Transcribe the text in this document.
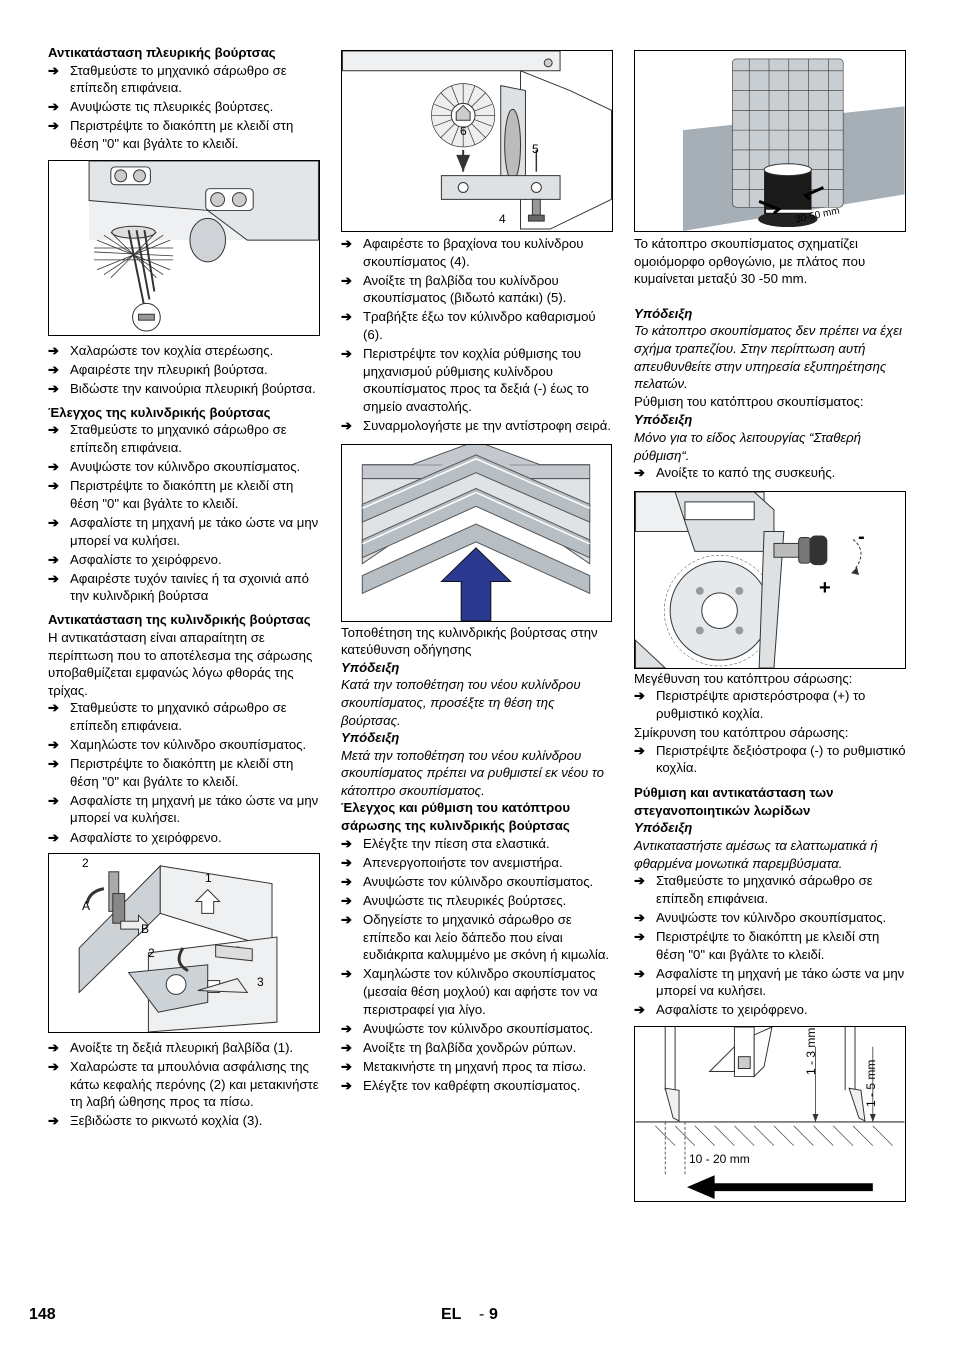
Αντικατάσταση πλευρικής βούρτσας

➔ Σταθμεύστε το μηχανικό σάρωθρο σε επίπεδη επιφάνεια.
➔ Ανυψώστε τις πλευρικές βούρτσες.
➔ Περιστρέψτε το διακόπτη με κλειδί στη θέση "0" και βγάλτε το κλειδί.
➔ Χαλαρώστε τον κοχλία στερέωσης.
➔ Αφαιρέστε την πλευρική βούρτσα.
➔ Βιδώστε την καινούρια πλευρική βούρτσα.

Έλεγχος της κυλινδρικής βούρτσας

➔ Σταθμεύστε το μηχανικό σάρωθρο σε επίπεδη επιφάνεια.
➔ Ανυψώστε τον κύλινδρο σκουπίσματος.
➔ Περιστρέψτε το διακόπτη με κλειδί στη θέση "0" και βγάλτε το κλειδί.
➔ Ασφαλίστε τη μηχανή με τάκο ώστε να μην μπορεί να κυλήσει.
➔ Ασφαλίστε το χειρόφρενο.
➔ Αφαιρέστε τυχόν ταινίες ή τα σχοινιά από την κυλινδρική βούρτσα

Αντικατάσταση της κυλινδρικής βούρτσας

Η αντικατάσταση είναι απαραίτητη σε περίπτωση που το αποτέλεσμα της σάρωσης υποβαθμίζεται εμφανώς λόγω φθοράς της τρίχας.

➔ Σταθμεύστε το μηχανικό σάρωθρο σε επίπεδη επιφάνεια.
➔ Χαμηλώστε τον κύλινδρο σκουπίσματος.
➔ Περιστρέψτε το διακόπτη με κλειδί στη θέση "0" και βγάλτε το κλειδί.
➔ Ασφαλίστε τη μηχανή με τάκο ώστε να μην μπορεί να κυλήσει.
➔ Ασφαλίστε το χειρόφρενο.
2
1
A
B
2
3
➔ Ανοίξτε τη δεξιά πλευρική βαλβίδα (1).
➔ Χαλαρώστε τα μπουλόνια ασφάλισης της κάτω κεφαλής περόνης (2) και μετακινήστε τη λαβή ώθησης προς τα πίσω.
➔ Ξεβιδώστε το ρικνωτό κοχλία (3).
6
5
4
➔ Αφαιρέστε το βραχίονα του κυλίνδρου σκουπίσματος (4).
➔ Ανοίξτε τη βαλβίδα του κυλίνδρου σκουπίσματος (βιδωτό καπάκι) (5).
➔ Τραβήξτε έξω τον κύλινδρο καθαρισμού (6).
➔ Περιστρέψτε τον κοχλία ρύθμισης του μηχανισμού ρύθμισης κυλίνδρου σκουπίσματος προς τα δεξιά (-) έως το σημείο αναστολής.
➔ Συναρμολογήστε με την αντίστροφη σειρά.

Τοποθέτηση της κυλινδρικής βούρτσας στην κατεύθυνση οδήγησης

Υπόδειξη

Κατά την τοποθέτηση του νέου κυλίνδρου σκουπίσματος, προσέξτε τη θέση της βούρτσας.

Υπόδειξη

Μετά την τοποθέτηση του νέου κυλίνδρου σκουπίσματος πρέπει να ρυθμιστεί εκ νέου το κάτοπτρο σκουπίσματος.

Έλεγχος και ρύθμιση του κατόπτρου σάρωσης της κυλινδρικής βούρτσας

➔ Ελέγξτε την πίεση στα ελαστικά.
➔ Απενεργοποιήστε τον ανεμιστήρα.
➔ Ανυψώστε τον κύλινδρο σκουπίσματος.
➔ Ανυψώστε τις πλευρικές βούρτσες.
➔ Οδηγείστε το μηχανικό σάρωθρο σε επίπεδο και λείο δάπεδο που είναι ευδιάκριτα καλυμμένο με σκόνη ή κιμωλία.
➔ Χαμηλώστε τον κύλινδρο σκουπίσματος (μεσαία θέση μοχλού) και αφήστε τον να περιστραφεί για λίγο.
➔ Ανυψώστε τον κύλινδρο σκουπίσματος.
➔ Ανοίξτε τη βαλβίδα χονδρών ρύπων.
➔ Μετακινήστε τη μηχανή προς τα πίσω.
➔ Ελέγξτε τον καθρέφτη σκουπίσματος.
30-50 mm

Το κάτοπτρο σκουπίσματος σχηματίζει ομοιόμορφο ορθογώνιο, με πλάτος που κυμαίνεται μεταξύ 30 -50 mm.

Υπόδειξη

Το κάτοπτρο σκουπίσματος δεν πρέπει να έχει σχήμα τραπεζίου. Στην περίπτωση αυτή απευθυνθείτε στην υπηρεσία εξυπηρέτησης πελατών.

Ρύθμιση του κατόπτρου σκουπίσματος:

Υπόδειξη

Μόνο για το είδος λειτουργίας “Σταθερή ρύθμιση“.

➔ Ανοίξτε το καπό της συσκευής.
-
+

Μεγέθυνση του κατόπτρου σάρωσης:

➔ Περιστρέψτε αριστερόστροφα (+) το ρυθμιστικό κοχλία.

Σμίκρυνση του κατόπτρου σάρωσης:

➔ Περιστρέψτε δεξιόστροφα (-) το ρυθμιστικό κοχλία.

Ρύθμιση και αντικατάσταση των στεγανοποιητικών λωρίδων

Υπόδειξη

Αντικαταστήστε αμέσως τα ελαττωματικά ή φθαρμένα μονωτικά παρεμβύσματα.

➔ Σταθμεύστε το μηχανικό σάρωθρο σε επίπεδη επιφάνεια.
➔ Ανυψώστε τον κύλινδρο σκουπίσματος.
➔ Περιστρέψτε το διακόπτη με κλειδί στη θέση "0" και βγάλτε το κλειδί.
➔ Ασφαλίστε τη μηχανή με τάκο ώστε να μην μπορεί να κυλήσει.
➔ Ασφαλίστε το χειρόφρενο.
1 - 3 mm
1 - 5 mm
10 - 20 mm
148	EL - 9
